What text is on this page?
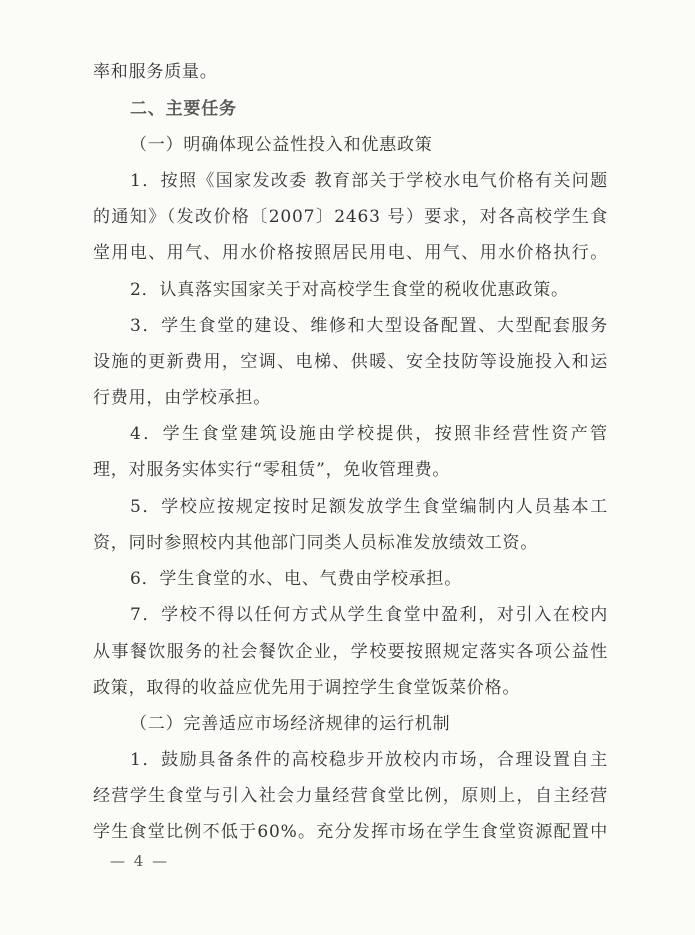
率和服务质量。
二、主要任务
（一）明确体现公益性投入和优惠政策
1．按照《国家发改委 教育部关于学校水电气价格有关问题
的通知》（发改价格〔2007〕2463 号）要求，对各高校学生食
堂用电、用气、用水价格按照居民用电、用气、用水价格执行。
2．认真落实国家关于对高校学生食堂的税收优惠政策。
3．学生食堂的建设、维修和大型设备配置、大型配套服务
设施的更新费用，空调、电梯、供暖、安全技防等设施投入和运
行费用，由学校承担。
4．学生食堂建筑设施由学校提供，按照非经营性资产管
理，对服务实体实行“零租赁”，免收管理费。
5．学校应按规定按时足额发放学生食堂编制内人员基本工
资，同时参照校内其他部门同类人员标准发放绩效工资。
6．学生食堂的水、电、气费由学校承担。
7．学校不得以任何方式从学生食堂中盈利，对引入在校内
从事餐饮服务的社会餐饮企业，学校要按照规定落实各项公益性
政策，取得的收益应优先用于调控学生食堂饭菜价格。
（二）完善适应市场经济规律的运行机制
1．鼓励具备条件的高校稳步开放校内市场，合理设置自主
经营学生食堂与引入社会力量经营食堂比例，原则上，自主经营
学生食堂比例不低于60%。充分发挥市场在学生食堂资源配置中
— 4 —
